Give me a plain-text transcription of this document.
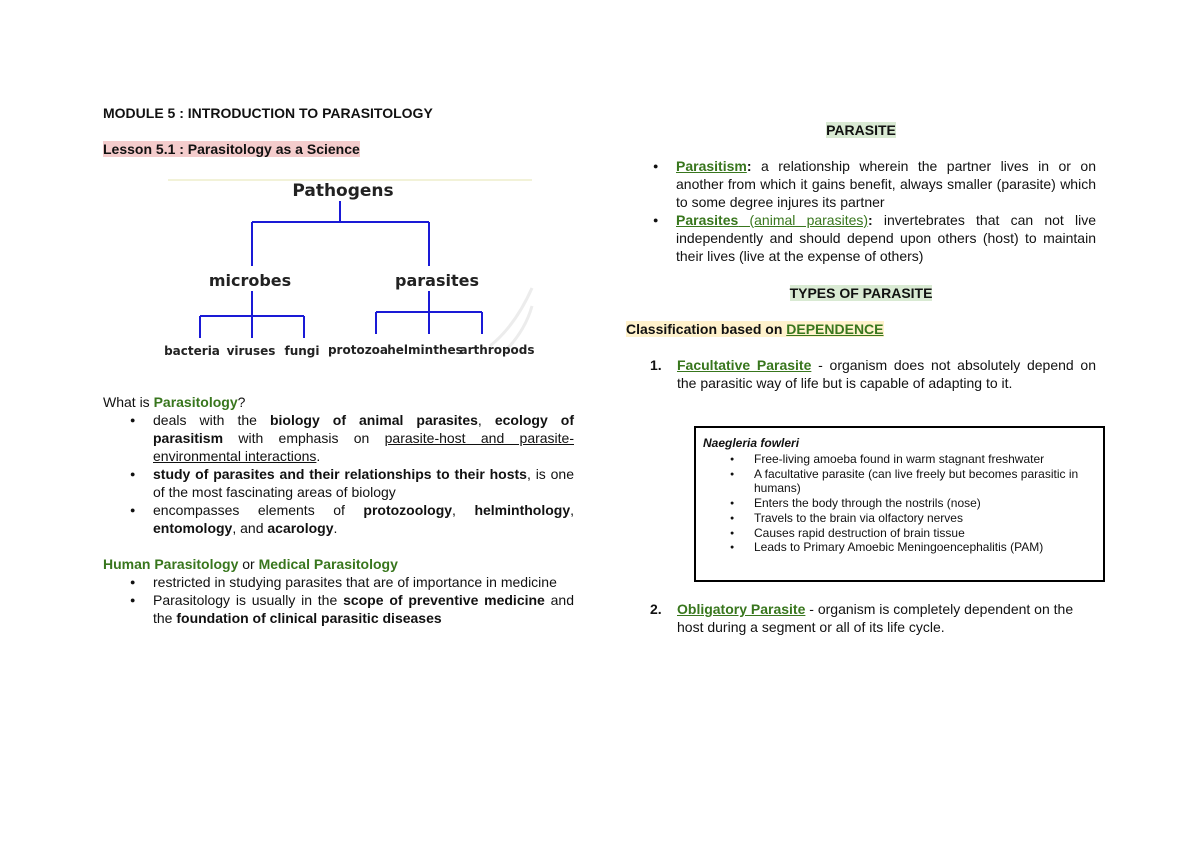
MODULE 5 : INTRODUCTION TO PARASITOLOGY
Lesson 5.1 : Parasitology as a Science
Pathogens
microbes	parasites
bacteria viruses fungi protozoa helminthes
arthropods
What is Parasitology?
● deals with the biology of animal parasites, ecology of parasitism with emphasis on parasite-host and parasite-environmental interactions.
● study of parasites and their relationships to their hosts, is one of the most fascinating areas of biology
● encompasses elements of protozoology, helminthology, entomology, and acarology.
Human Parasitology or Medical Parasitology
● restricted in studying parasites that are of importance in medicine
● Parasitology is usually in the scope of preventive medicine and the foundation of clinical parasitic diseases
PARASITE
● Parasitism: a relationship wherein the partner lives in or on another from which it gains benefit, always smaller (parasite) which to some degree injures its partner
● Parasites (animal parasites): invertebrates that can not live independently and should depend upon others (host) to maintain their lives (live at the expense of others)
TYPES OF PARASITE
Classification based on DEPENDENCE
1. Facultative Parasite - organism does not absolutely depend on the parasitic way of life but is capable of adapting to it.
Naegleria fowleri
● Free-living amoeba found in warm stagnant freshwater
● A facultative parasite (can live freely but becomes parasitic in humans)
● Enters the body through the nostrils (nose)
● Travels to the brain via olfactory nerves
● Causes rapid destruction of brain tissue
● Leads to Primary Amoebic Meningoencephalitis (PAM)
2. Obligatory Parasite - organism is completely dependent on the host during a segment or all of its life cycle.
